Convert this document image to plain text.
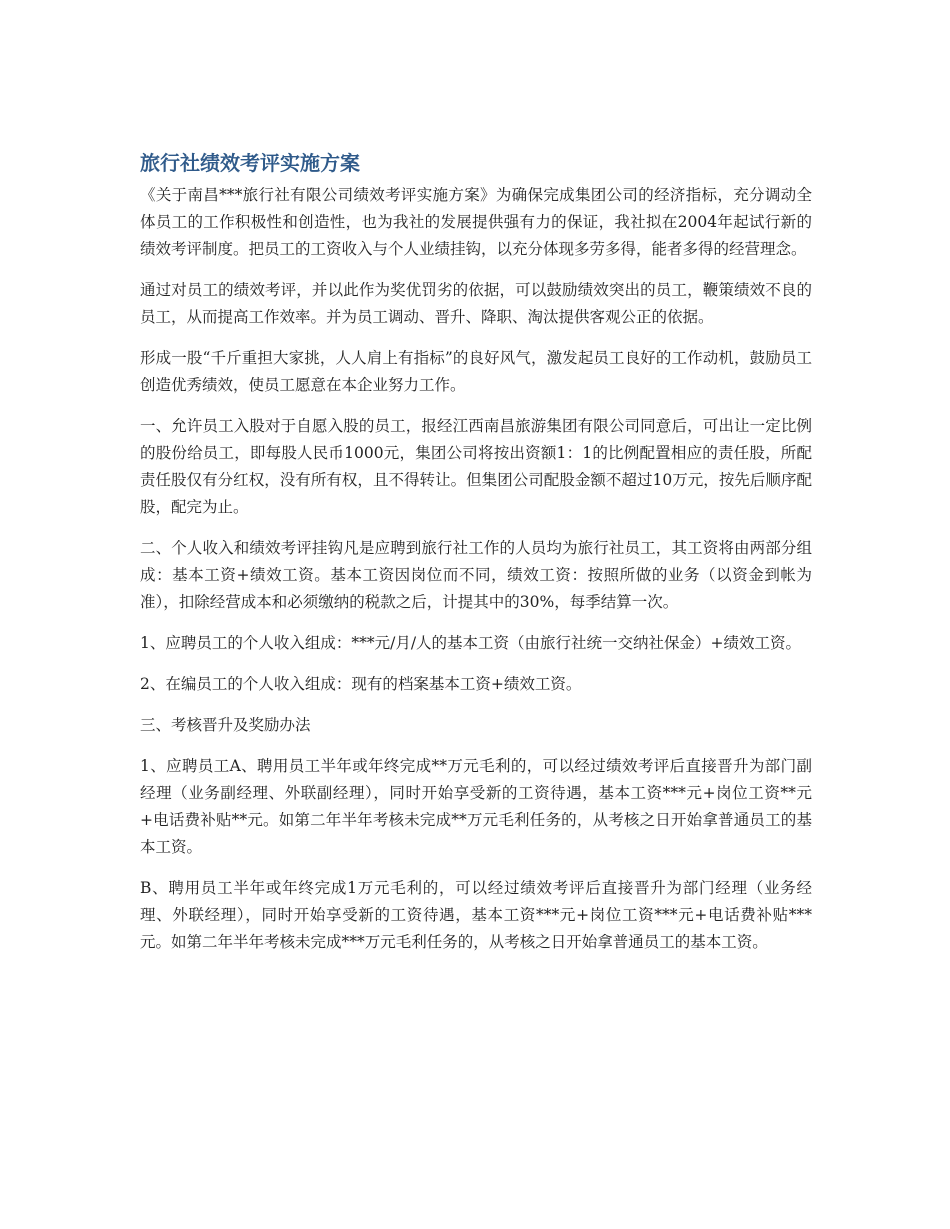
旅行社绩效考评实施方案

《关于南昌***旅行社有限公司绩效考评实施方案》为确保完成集团公司的经济指标，充分调动全体员工的工作积极性和创造性，也为我社的发展提供强有力的保证，我社拟在2004年起试行新的绩效考评制度。把员工的工资收入与个人业绩挂钩，以充分体现多劳多得，能者多得的经营理念。

通过对员工的绩效考评，并以此作为奖优罚劣的依据，可以鼓励绩效突出的员工，鞭策绩效不良的员工，从而提高工作效率。并为员工调动、晋升、降职、淘汰提供客观公正的依据。

形成一股“千斤重担大家挑，人人肩上有指标”的良好风气，激发起员工良好的工作动机，鼓励员工创造优秀绩效，使员工愿意在本企业努力工作。

一、允许员工入股对于自愿入股的员工，报经江西南昌旅游集团有限公司同意后，可出让一定比例的股份给员工，即每股人民币1000元，集团公司将按出资额1：1的比例配置相应的责任股，所配责任股仅有分红权，没有所有权，且不得转让。但集团公司配股金额不超过10万元，按先后顺序配股，配完为止。

二、个人收入和绩效考评挂钩凡是应聘到旅行社工作的人员均为旅行社员工，其工资将由两部分组成：基本工资+绩效工资。基本工资因岗位而不同，绩效工资：按照所做的业务（以资金到帐为准），扣除经营成本和必须缴纳的税款之后，计提其中的30%，每季结算一次。

1、应聘员工的个人收入组成：***元/月/人的基本工资（由旅行社统一交纳社保金）+绩效工资。

2、在编员工的个人收入组成：现有的档案基本工资+绩效工资。

三、考核晋升及奖励办法

1、应聘员工A、聘用员工半年或年终完成**万元毛利的，可以经过绩效考评后直接晋升为部门副经理（业务副经理、外联副经理），同时开始享受新的工资待遇，基本工资***元+岗位工资**元+电话费补贴**元。如第二年半年考核未完成**万元毛利任务的，从考核之日开始拿普通员工的基本工资。

B、聘用员工半年或年终完成1万元毛利的，可以经过绩效考评后直接晋升为部门经理（业务经理、外联经理），同时开始享受新的工资待遇，基本工资***元+岗位工资***元+电话费补贴***元。如第二年半年考核未完成***万元毛利任务的，从考核之日开始拿普通员工的基本工资。
